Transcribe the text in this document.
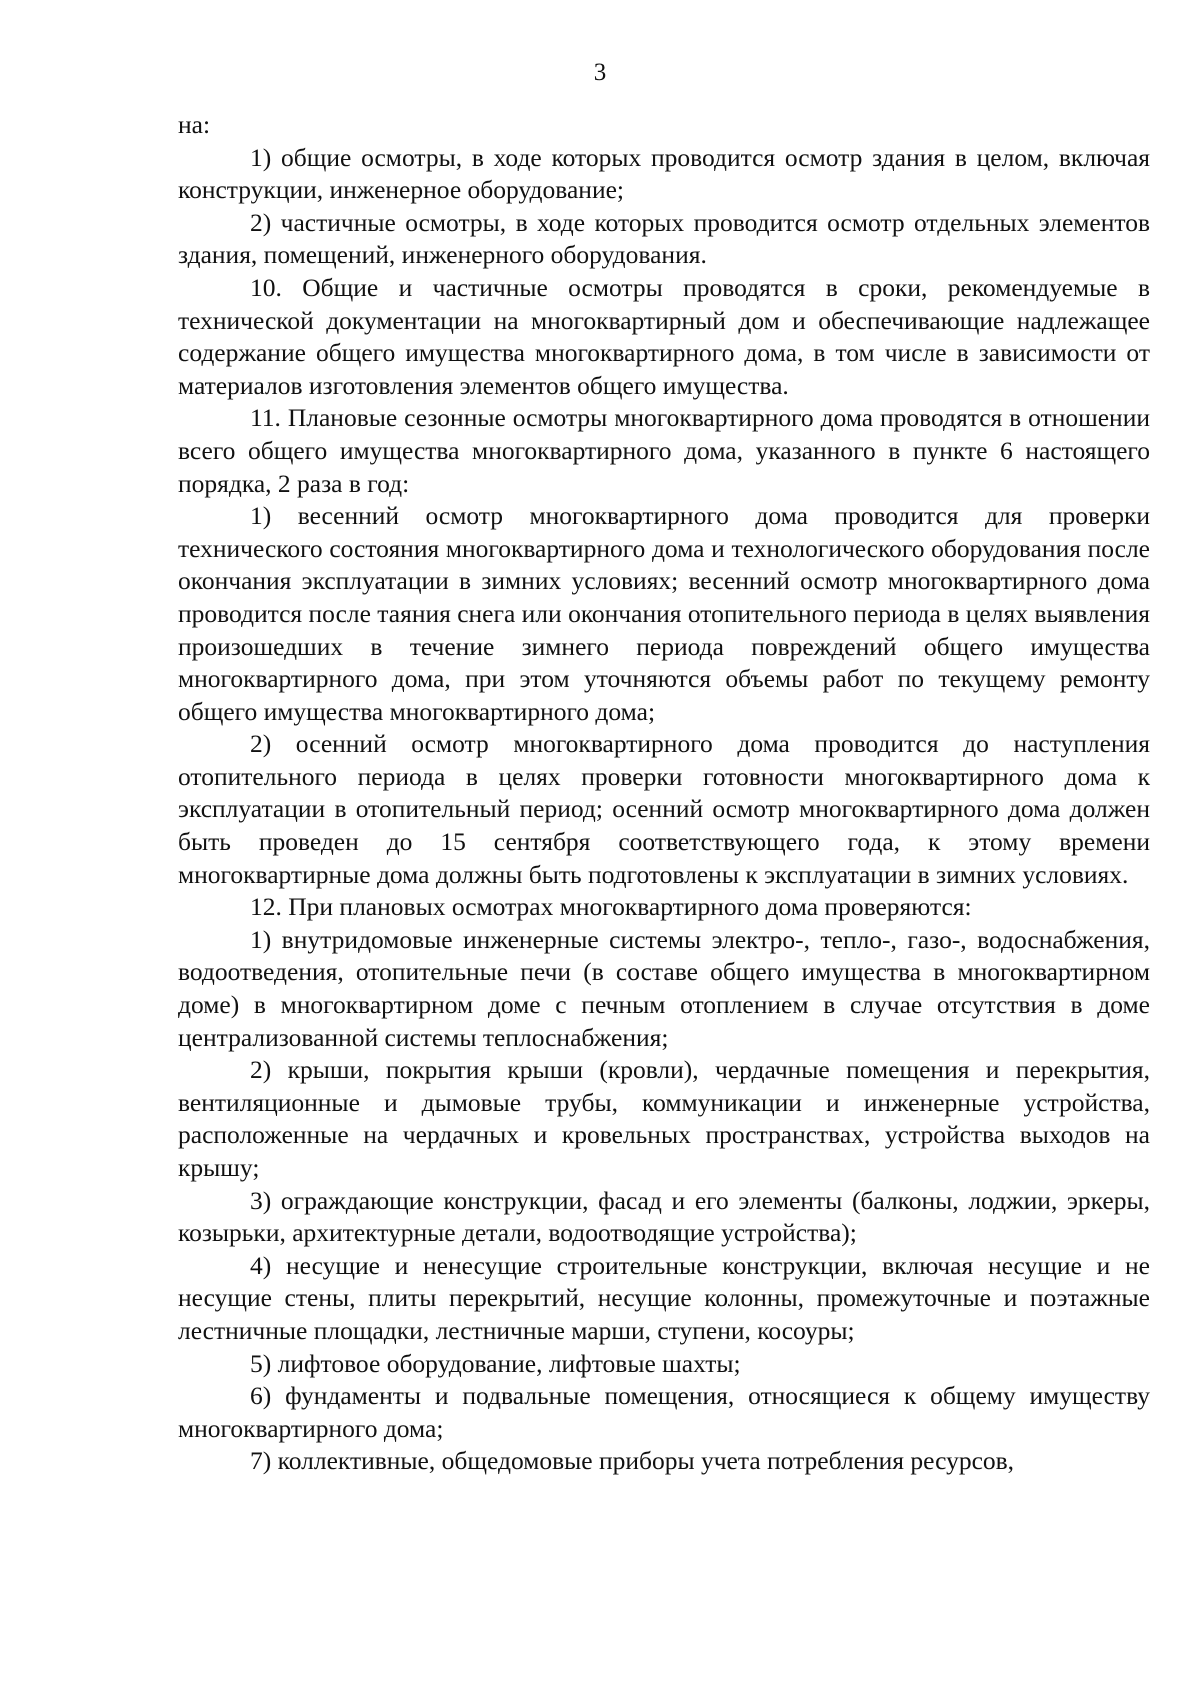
3

на:

1) общие осмотры, в ходе которых проводится осмотр здания в целом, включая конструкции, инженерное оборудование;

2) частичные осмотры, в ходе которых проводится осмотр отдельных элементов здания, помещений, инженерного оборудования.

10. Общие и частичные осмотры проводятся в сроки, рекомендуемые в технической документации на многоквартирный дом и обеспечивающие надлежащее содержание общего имущества многоквартирного дома, в том числе в зависимости от материалов изготовления элементов общего имущества.

11. Плановые сезонные осмотры многоквартирного дома проводятся в отношении всего общего имущества многоквартирного дома, указанного в пункте 6 настоящего порядка, 2 раза в год:

1) весенний осмотр многоквартирного дома проводится для проверки технического состояния многоквартирного дома и технологического оборудования после окончания эксплуатации в зимних условиях; весенний осмотр многоквартирного дома проводится после таяния снега или окончания отопительного периода в целях выявления произошедших в течение зимнего периода повреждений общего имущества многоквартирного дома, при этом уточняются объемы работ по текущему ремонту общего имущества многоквартирного дома;

2) осенний осмотр многоквартирного дома проводится до наступления отопительного периода в целях проверки готовности многоквартирного дома к эксплуатации в отопительный период; осенний осмотр многоквартирного дома должен быть проведен до 15 сентября соответствующего года, к этому времени многоквартирные дома должны быть подготовлены к эксплуатации в зимних условиях.

12. При плановых осмотрах многоквартирного дома проверяются:

1) внутридомовые инженерные системы электро-, тепло-, газо-, водоснабжения, водоотведения, отопительные печи (в составе общего имущества в многоквартирном доме) в многоквартирном доме с печным отоплением в случае отсутствия в доме централизованной системы теплоснабжения;

2) крыши, покрытия крыши (кровли), чердачные помещения и перекрытия, вентиляционные и дымовые трубы, коммуникации и инженерные устройства, расположенные на чердачных и кровельных пространствах, устройства выходов на крышу;

3) ограждающие конструкции, фасад и его элементы (балконы, лоджии, эркеры, козырьки, архитектурные детали, водоотводящие устройства);

4) несущие и ненесущие строительные конструкции, включая несущие и не несущие стены, плиты перекрытий, несущие колонны, промежуточные и поэтажные лестничные площадки, лестничные марши, ступени, косоуры;

5) лифтовое оборудование, лифтовые шахты;

6) фундаменты и подвальные помещения, относящиеся к общему имуществу многоквартирного дома;

7) коллективные, общедомовые приборы учета потребления ресурсов,
